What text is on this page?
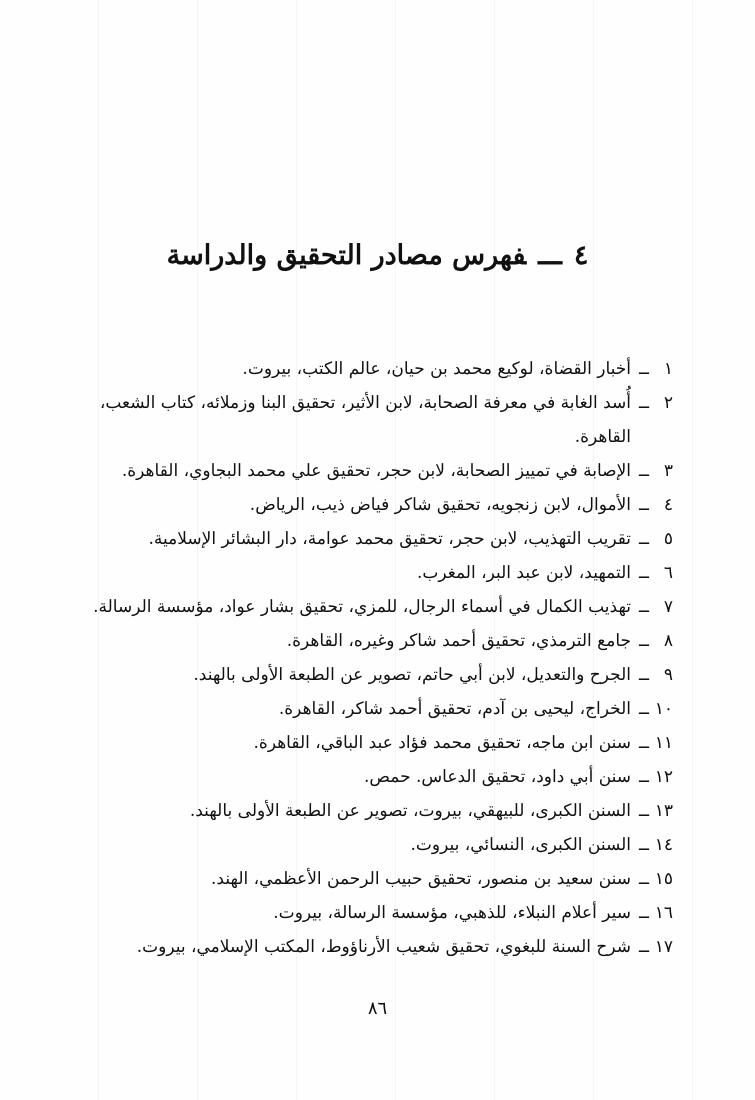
٤ـــفهرس مصادر التحقيق والدراسة
١
ــ
أخبار القضاة، لوكيع محمد بن حيان، عالم الكتب، بيروت.
٢
ــ
أُسد الغابة في معرفة الصحابة، لابن الأثير، تحقيق البنا وزملائه، كتاب الشعب، القاهرة.
٣
ــ
الإصابة في تمييز الصحابة، لابن حجر، تحقيق علي محمد البجاوي، القاهرة.
٤
ــ
الأموال، لابن زنجويه، تحقيق شاكر فياض ذيب، الرياض.
٥
ــ
تقريب التهذيب، لابن حجر، تحقيق محمد عوامة، دار البشائر الإسلامية.
٦
ــ
التمهيد، لابن عبد البر، المغرب.
٧
ــ
تهذيب الكمال في أسماء الرجال، للمزي، تحقيق بشار عواد، مؤسسة الرسالة.
٨
ــ
جامع الترمذي، تحقيق أحمد شاكر وغيره، القاهرة.
٩
ــ
الجرح والتعديل، لابن أبي حاتم، تصوير عن الطبعة الأولى بالهند.
١٠
ــ
الخراج، ليحيى بن آدم، تحقيق أحمد شاكر، القاهرة.
١١
ــ
سنن ابن ماجه، تحقيق محمد فؤاد عبد الباقي، القاهرة.
١٢
ــ
سنن أبي داود، تحقيق الدعاس. حمص.
١٣
ــ
السنن الكبرى، للبيهقي، بيروت، تصوير عن الطبعة الأولى بالهند.
١٤
ــ
السنن الكبرى، النسائي، بيروت.
١٥
ــ
سنن سعيد بن منصور، تحقيق حبيب الرحمن الأعظمي، الهند.
١٦
ــ
سير أعلام النبلاء، للذهبي، مؤسسة الرسالة، بيروت.
١٧
ــ
شرح السنة للبغوي، تحقيق شعيب الأرناؤوط، المكتب الإسلامي، بيروت.
٨٦
